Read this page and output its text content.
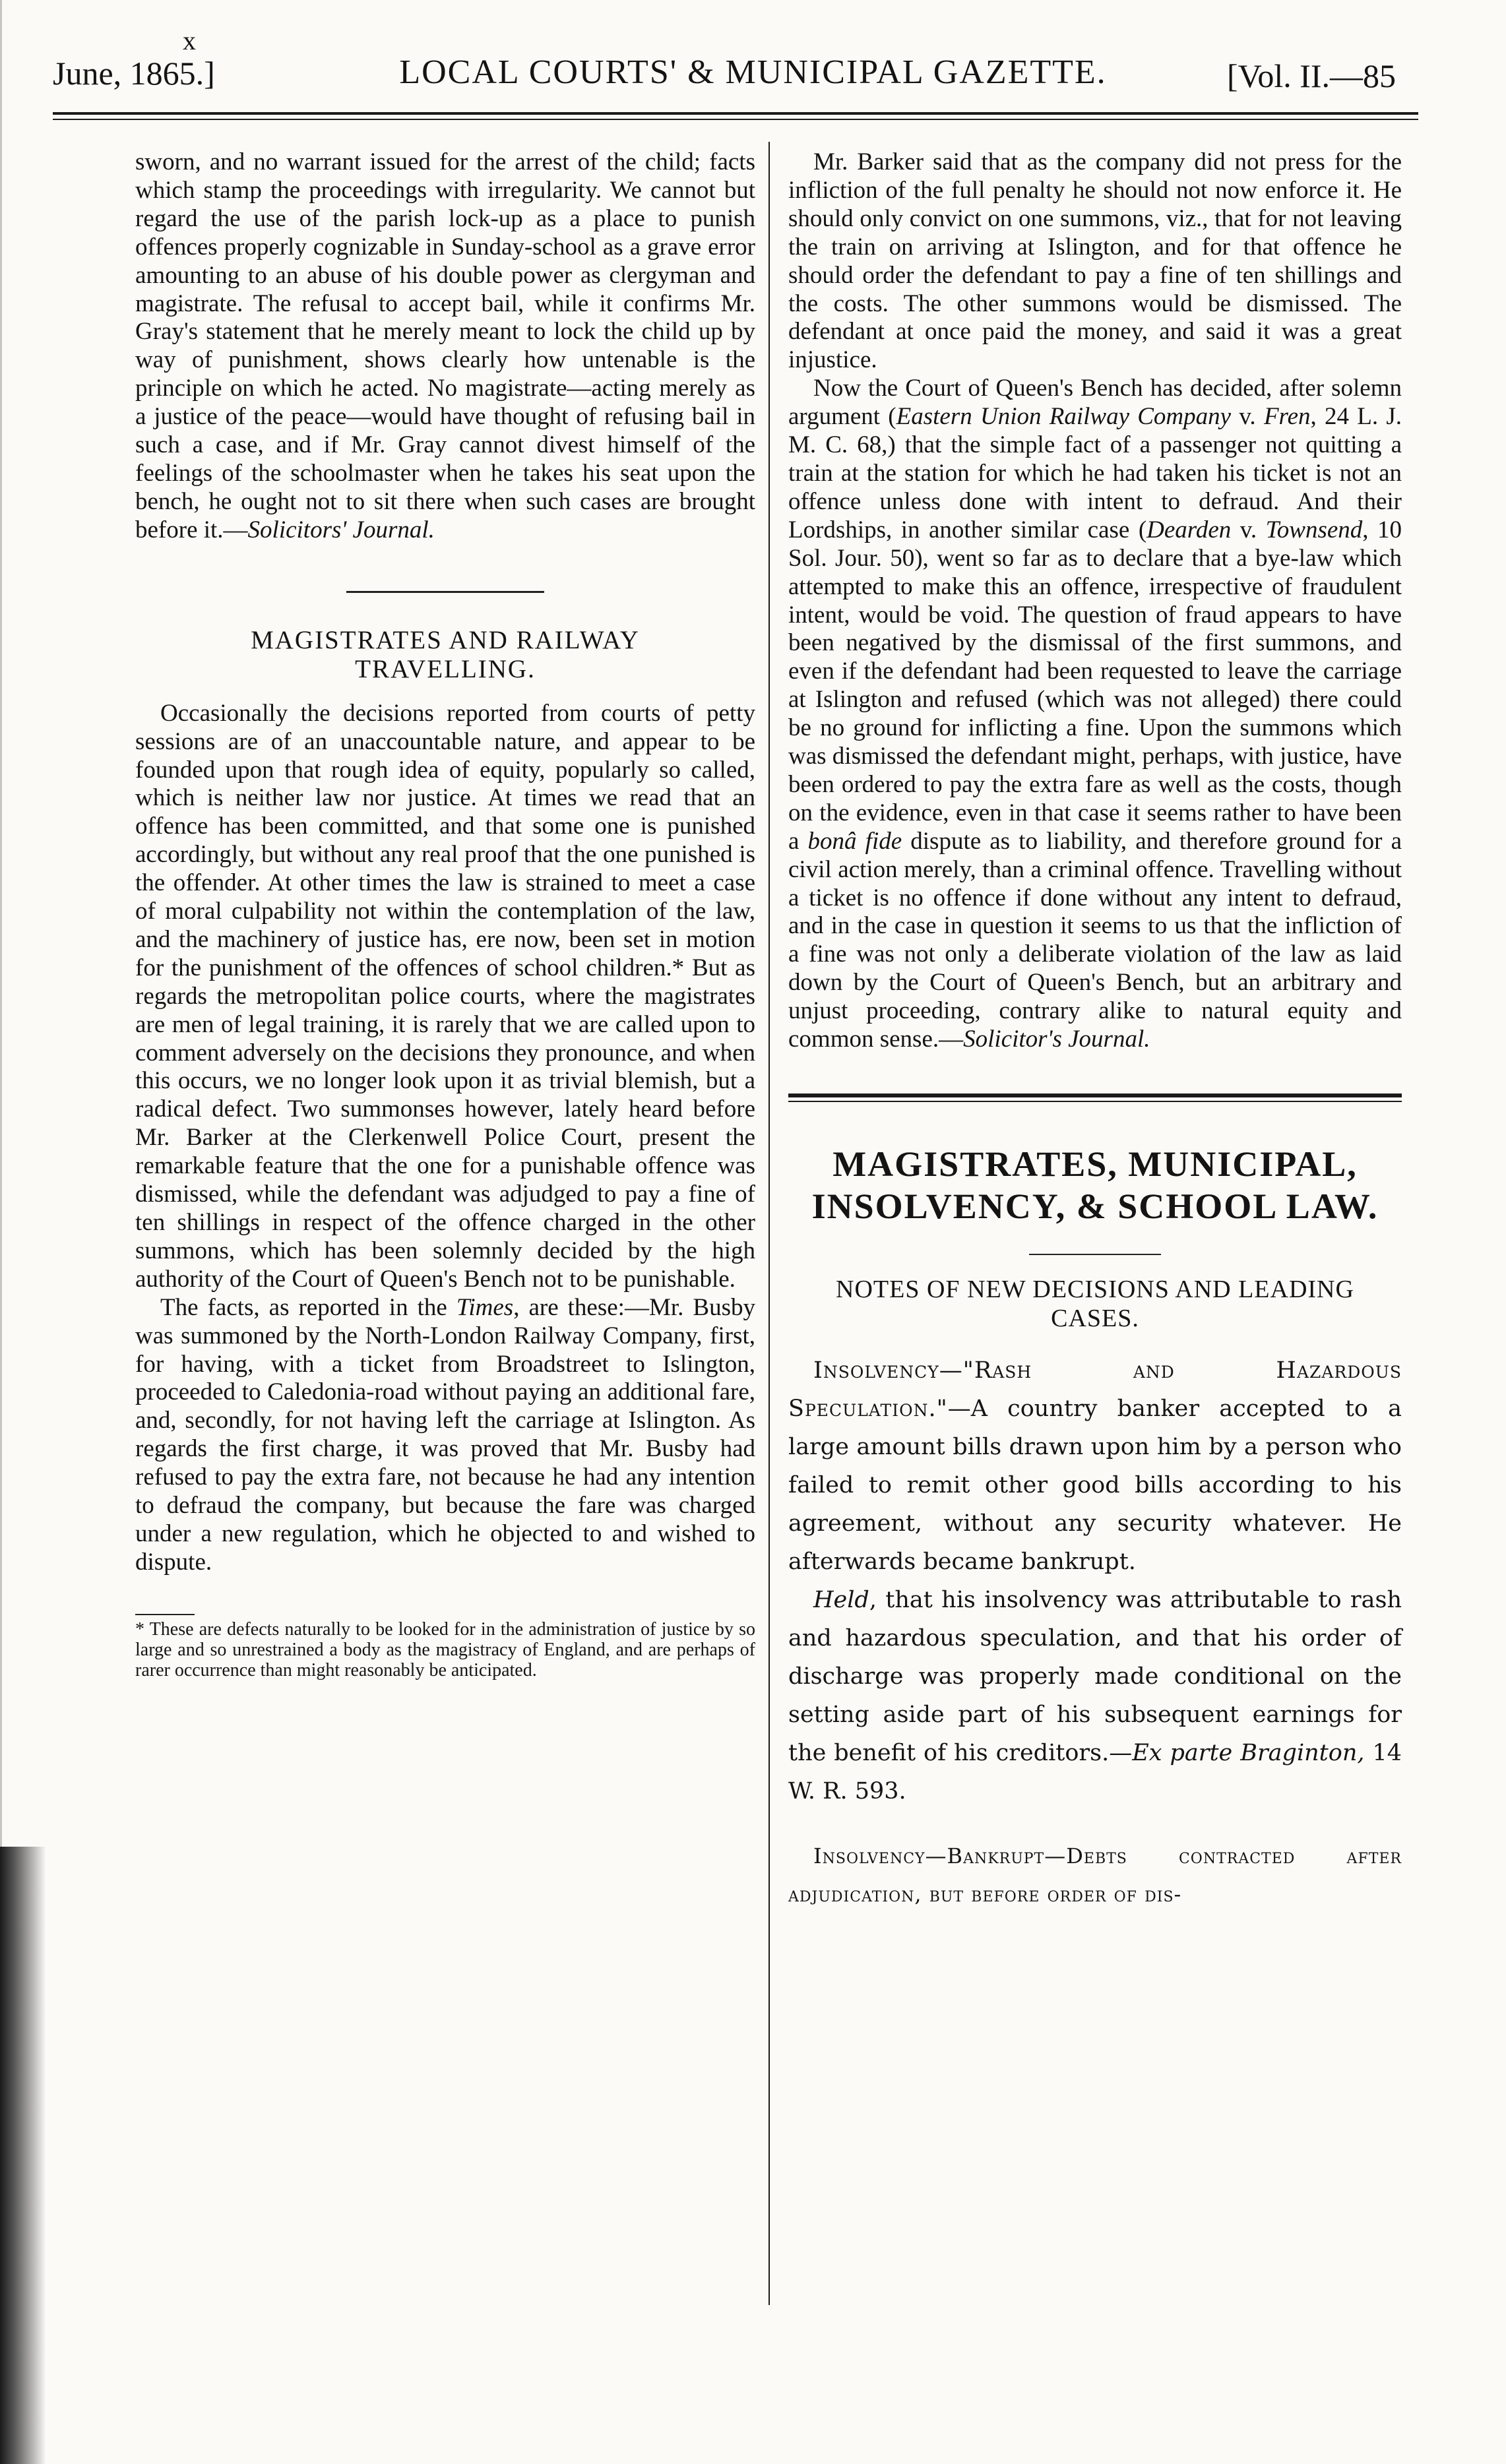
x
June, 1865.]	LOCAL COURTS' & MUNICIPAL GAZETTE.	[Vol. II.—85

sworn, and no warrant issued for the arrest of the child; facts which stamp the proceedings with irregularity. We cannot but regard the use of the parish lock-up as a place to punish offences properly cognizable in Sunday-school as a grave error amounting to an abuse of his double power as clergyman and magistrate. The refusal to accept bail, while it confirms Mr. Gray's statement that he merely meant to lock the child up by way of punishment, shows clearly how untenable is the principle on which he acted. No magistrate—acting merely as a justice of the peace—would have thought of refusing bail in such a case, and if Mr. Gray cannot divest himself of the feelings of the schoolmaster when he takes his seat upon the bench, he ought not to sit there when such cases are brought before it.—Solicitors' Journal.

MAGISTRATES AND RAILWAY TRAVELLING.

Occasionally the decisions reported from courts of petty sessions are of an unaccountable nature, and appear to be founded upon that rough idea of equity, popularly so called, which is neither law nor justice. At times we read that an offence has been committed, and that some one is punished accordingly, but without any real proof that the one punished is the offender. At other times the law is strained to meet a case of moral culpability not within the contemplation of the law, and the machinery of justice has, ere now, been set in motion for the punishment of the offences of school children.* But as regards the metropolitan police courts, where the magistrates are men of legal training, it is rarely that we are called upon to comment adversely on the decisions they pronounce, and when this occurs, we no longer look upon it as trivial blemish, but a radical defect. Two summonses however, lately heard before Mr. Barker at the Clerkenwell Police Court, present the remarkable feature that the one for a punishable offence was dismissed, while the defendant was adjudged to pay a fine of ten shillings in respect of the offence charged in the other summons, which has been solemnly decided by the high authority of the Court of Queen's Bench not to be punishable.

The facts, as reported in the Times, are these:—Mr. Busby was summoned by the North-London Railway Company, first, for having, with a ticket from Broadstreet to Islington, proceeded to Caledonia-road without paying an additional fare, and, secondly, for not having left the carriage at Islington. As regards the first charge, it was proved that Mr. Busby had refused to pay the extra fare, not because he had any intention to defraud the company, but because the fare was charged under a new regulation, which he objected to and wished to dispute.

* These are defects naturally to be looked for in the administration of justice by so large and so unrestrained a body as the magistracy of England, and are perhaps of rarer occurrence than might reasonably be anticipated.

Mr. Barker said that as the company did not press for the infliction of the full penalty he should not now enforce it. He should only convict on one summons, viz., that for not leaving the train on arriving at Islington, and for that offence he should order the defendant to pay a fine of ten shillings and the costs. The other summons would be dismissed. The defendant at once paid the money, and said it was a great injustice.

Now the Court of Queen's Bench has decided, after solemn argument (Eastern Union Railway Company v. Fren, 24 L. J. M. C. 68,) that the simple fact of a passenger not quitting a train at the station for which he had taken his ticket is not an offence unless done with intent to defraud. And their Lordships, in another similar case (Dearden v. Townsend, 10 Sol. Jour. 50), went so far as to declare that a bye-law which attempted to make this an offence, irrespective of fraudulent intent, would be void. The question of fraud appears to have been negatived by the dismissal of the first summons, and even if the defendant had been requested to leave the carriage at Islington and refused (which was not alleged) there could be no ground for inflicting a fine. Upon the summons which was dismissed the defendant might, perhaps, with justice, have been ordered to pay the extra fare as well as the costs, though on the evidence, even in that case it seems rather to have been a bonâ fide dispute as to liability, and therefore ground for a civil action merely, than a criminal offence. Travelling without a ticket is no offence if done without any intent to defraud, and in the case in question it seems to us that the infliction of a fine was not only a deliberate violation of the law as laid down by the Court of Queen's Bench, but an arbitrary and unjust proceeding, contrary alike to natural equity and common sense.—Solicitor's Journal.

MAGISTRATES, MUNICIPAL, INSOLVENCY, & SCHOOL LAW.

NOTES OF NEW DECISIONS AND LEADING CASES.

Insolvency—"Rash and Hazardous Speculation."—A country banker accepted to a large amount bills drawn upon him by a person who failed to remit other good bills according to his agreement, without any security whatever. He afterwards became bankrupt.

Held, that his insolvency was attributable to rash and hazardous speculation, and that his order of discharge was properly made conditional on the setting aside part of his subsequent earnings for the benefit of his creditors.—Ex parte Braginton, 14 W. R. 593.

Insolvency—Bankrupt—Debts contracted after adjudication, but before order of dis-
